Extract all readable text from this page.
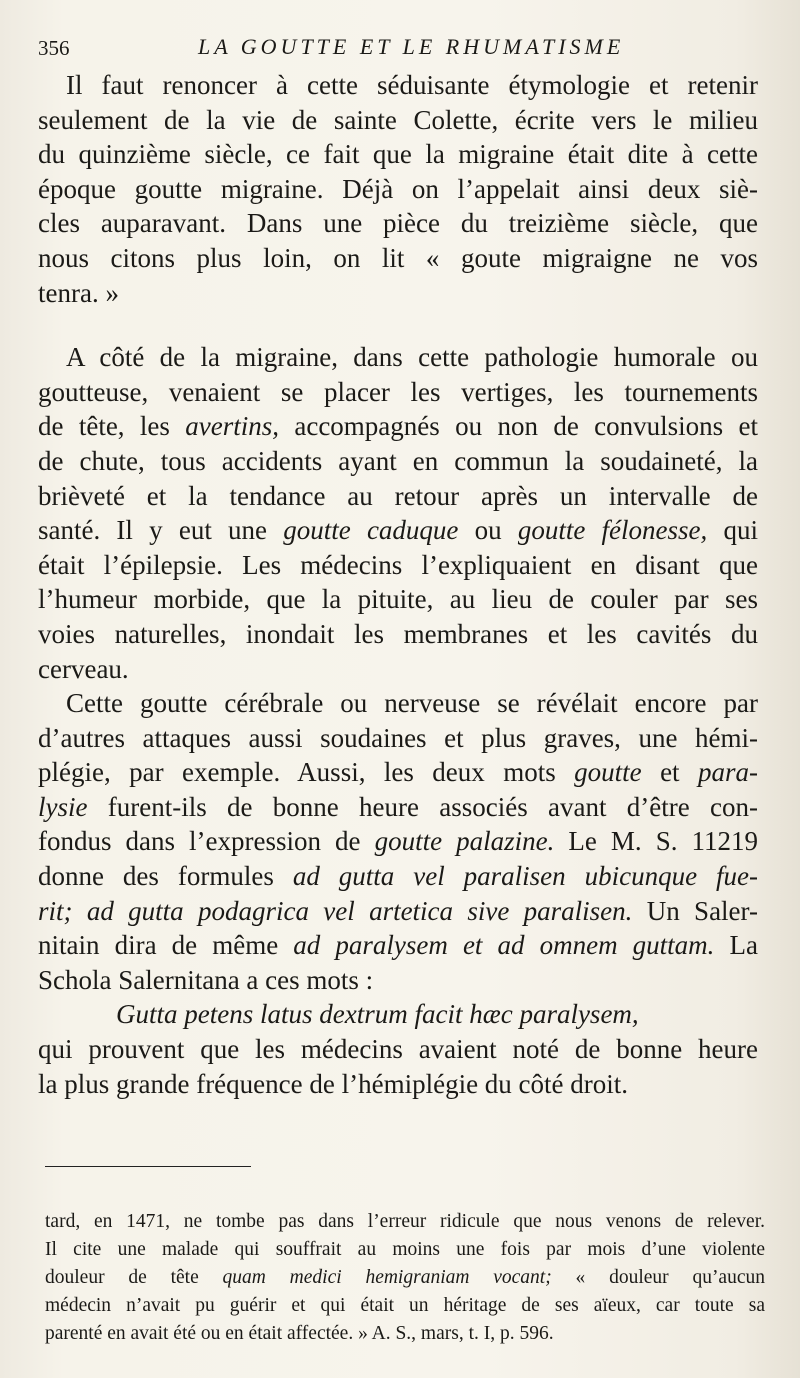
356	LA GOUTTE ET LE RHUMATISME
Il faut renoncer à cette séduisante étymologie et retenir
seulement de la vie de sainte Colette, écrite vers le milieu
du quinzième siècle, ce fait que la migraine était dite à cette
époque goutte migraine. Déjà on l’appelait ainsi deux siè-
cles auparavant. Dans une pièce du treizième siècle, que
nous citons plus loin, on lit « goute migraigne ne vos
tenra. »
A côté de la migraine, dans cette pathologie humorale ou
goutteuse, venaient se placer les vertiges, les tournements
de tête, les avertins, accompagnés ou non de convulsions et
de chute, tous accidents ayant en commun la soudaineté, la
brièveté et la tendance au retour après un intervalle de
santé. Il y eut une goutte caduque ou goutte félonesse, qui
était l’épilepsie. Les médecins l’expliquaient en disant que
l’humeur morbide, que la pituite, au lieu de couler par ses
voies naturelles, inondait les membranes et les cavités du
cerveau.
Cette goutte cérébrale ou nerveuse se révélait encore par
d’autres attaques aussi soudaines et plus graves, une hémi-
plégie, par exemple. Aussi, les deux mots goutte et para-
lysie furent-ils de bonne heure associés avant d’être con-
fondus dans l’expression de goutte palazine. Le M. S. 11219
donne des formules ad gutta vel paralisen ubicunque fue-
rit; ad gutta podagrica vel artetica sive paralisen. Un Saler-
nitain dira de même ad paralysem et ad omnem guttam. La
Schola Salernitana a ces mots :
Gutta petens latus dextrum facit hæc paralysem,
qui prouvent que les médecins avaient noté de bonne heure
la plus grande fréquence de l’hémiplégie du côté droit.
tard, en 1471, ne tombe pas dans l’erreur ridicule que nous venons de relever.
Il cite une malade qui souffrait au moins une fois par mois d’une violente
douleur de tête quam medici hemigraniam vocant; « douleur qu’aucun
médecin n’avait pu guérir et qui était un héritage de ses aïeux, car toute sa
parenté en avait été ou en était affectée. » A. S., mars, t. I, p. 596.
